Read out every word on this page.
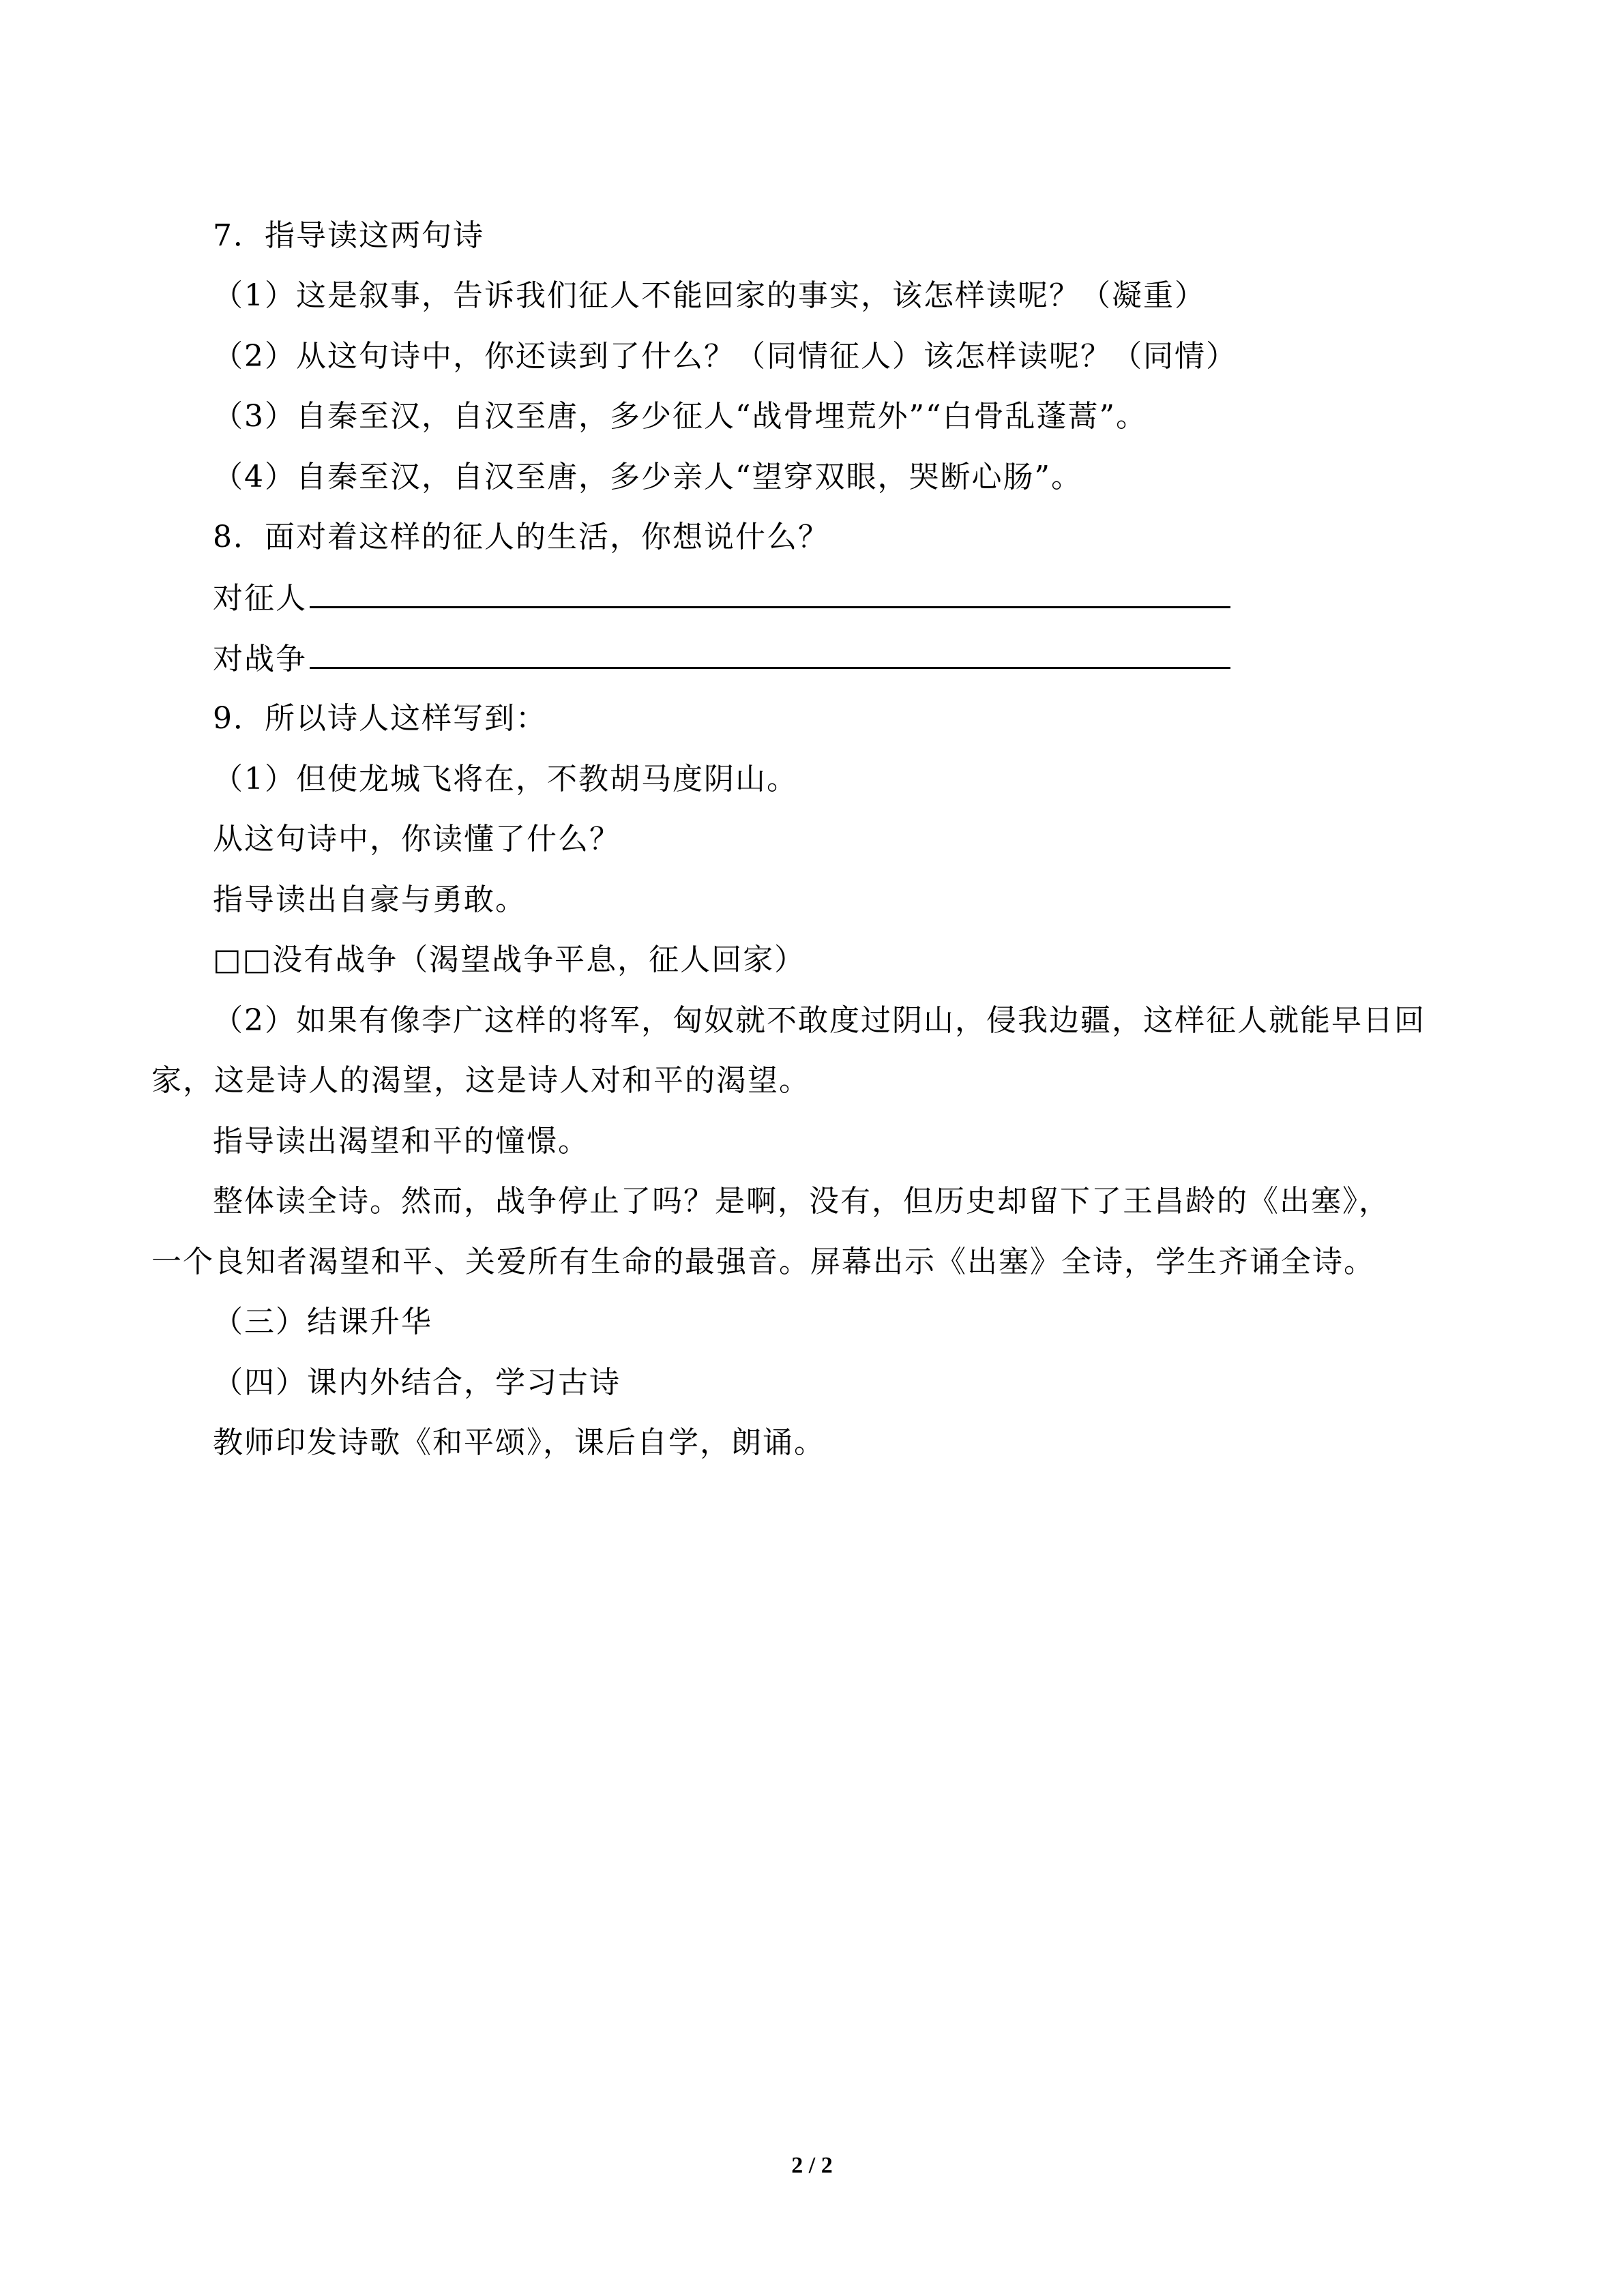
7．指导读这两句诗
（1）这是叙事，告诉我们征人不能回家的事实，该怎样读呢？（凝重）
（2）从这句诗中，你还读到了什么？（同情征人）该怎样读呢？（同情）
（3）自秦至汉，自汉至唐，多少征人“战骨埋荒外”“白骨乱蓬蒿”。
（4）自秦至汉，自汉至唐，多少亲人“望穿双眼，哭断心肠”。
8．面对着这样的征人的生活，你想说什么？
对征人
对战争
9．所以诗人这样写到：
（1）但使龙城飞将在，不教胡马度阴山。
从这句诗中，你读懂了什么？
指导读出自豪与勇敢。
□□没有战争（渴望战争平息，征人回家）
（2）如果有像李广这样的将军，匈奴就不敢度过阴山，侵我边疆，这样征人就能早日回
家，这是诗人的渴望，这是诗人对和平的渴望。
指导读出渴望和平的憧憬。
整体读全诗。然而，战争停止了吗？是啊，没有，但历史却留下了王昌龄的《出塞》，
一个良知者渴望和平、关爱所有生命的最强音。屏幕出示《出塞》全诗，学生齐诵全诗。
（三）结课升华
（四）课内外结合，学习古诗
教师印发诗歌《和平颂》，课后自学，朗诵。
2 / 2
